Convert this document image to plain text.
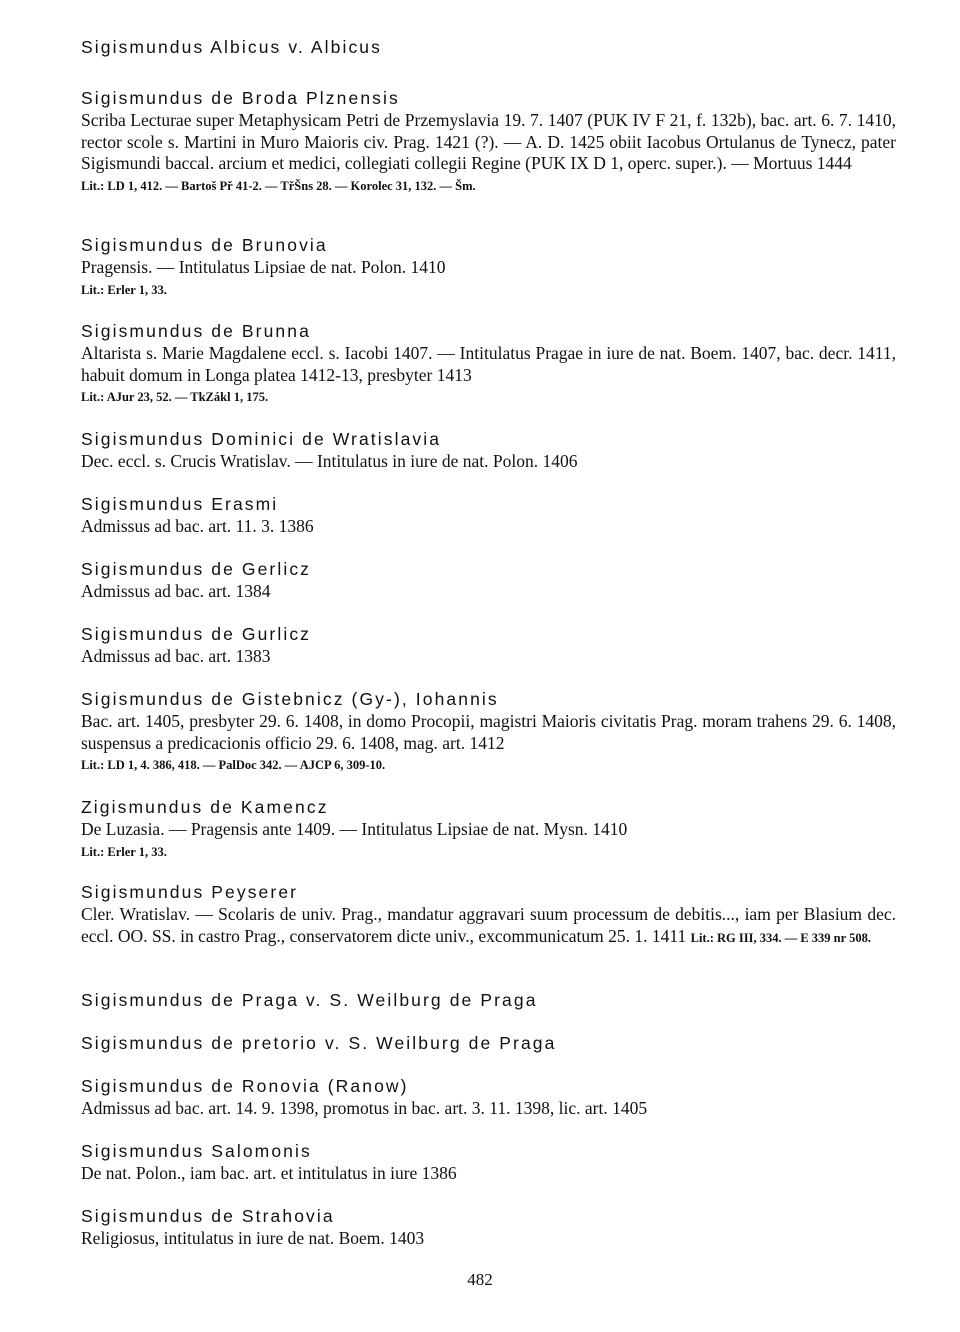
Sigismundus Albicus v. Albicus

Sigismundus de Broda Plznensis

Scriba Lecturae super Metaphysicam Petri de Przemyslavia 19. 7. 1407 (PUK IV F 21, f. 132b), bac. art. 6. 7. 1410, rector scole s. Martini in Muro Maioris civ. Prag. 1421 (?). — A. D. 1425 obiit Iacobus Ortulanus de Tynecz, pater Sigismundi baccal. arcium et medici, collegiati collegii Regine (PUK IX D 1, operc. super.). — Mortuus 1444

Lit.: LD 1, 412. — Bartoš Př 41-2. — TřŠns 28. — Korolec 31, 132. — Šm.

Sigismundus de Brunovia

Pragensis. — Intitulatus Lipsiae de nat. Polon. 1410

Lit.: Erler 1, 33.

Sigismundus de Brunna

Altarista s. Marie Magdalene eccl. s. Iacobi 1407. — Intitulatus Pragae in iure de nat. Boem. 1407, bac. decr. 1411, habuit domum in Longa platea 1412-13, presbyter 1413

Lit.: AJur 23, 52. — TkZákl 1, 175.

Sigismundus Dominici de Wratislavia

Dec. eccl. s. Crucis Wratislav. — Intitulatus in iure de nat. Polon. 1406

Sigismundus Erasmi

Admissus ad bac. art. 11. 3. 1386

Sigismundus de Gerlicz

Admissus ad bac. art. 1384

Sigismundus de Gurlicz

Admissus ad bac. art. 1383

Sigismundus de Gistebnicz (Gy-), Iohannis

Bac. art. 1405, presbyter 29. 6. 1408, in domo Procopii, magistri Maioris civitatis Prag. moram trahens 29. 6. 1408, suspensus a predicacionis officio 29. 6. 1408, mag. art. 1412

Lit.: LD 1, 4. 386, 418. — PalDoc 342. — AJCP 6, 309-10.

Zigismundus de Kamencz

De Luzasia. — Pragensis ante 1409. — Intitulatus Lipsiae de nat. Mysn. 1410

Lit.: Erler 1, 33.

Sigismundus Peyserer

Cler. Wratislav. — Scolaris de univ. Prag., mandatur aggravari suum processum de debitis..., iam per Blasium dec. eccl. OO. SS. in castro Prag., conservatorem dicte univ., excommunicatum 25. 1. 1411 Lit.: RG III, 334. — E 339 nr 508.

Sigismundus de Praga v. S. Weilburg de Praga

Sigismundus de pretorio v. S. Weilburg de Praga

Sigismundus de Ronovia (Ranow)

Admissus ad bac. art. 14. 9. 1398, promotus in bac. art. 3. 11. 1398, lic. art. 1405

Sigismundus Salomonis

De nat. Polon., iam bac. art. et intitulatus in iure 1386

Sigismundus de Strahovia

Religiosus, intitulatus in iure de nat. Boem. 1403

482
